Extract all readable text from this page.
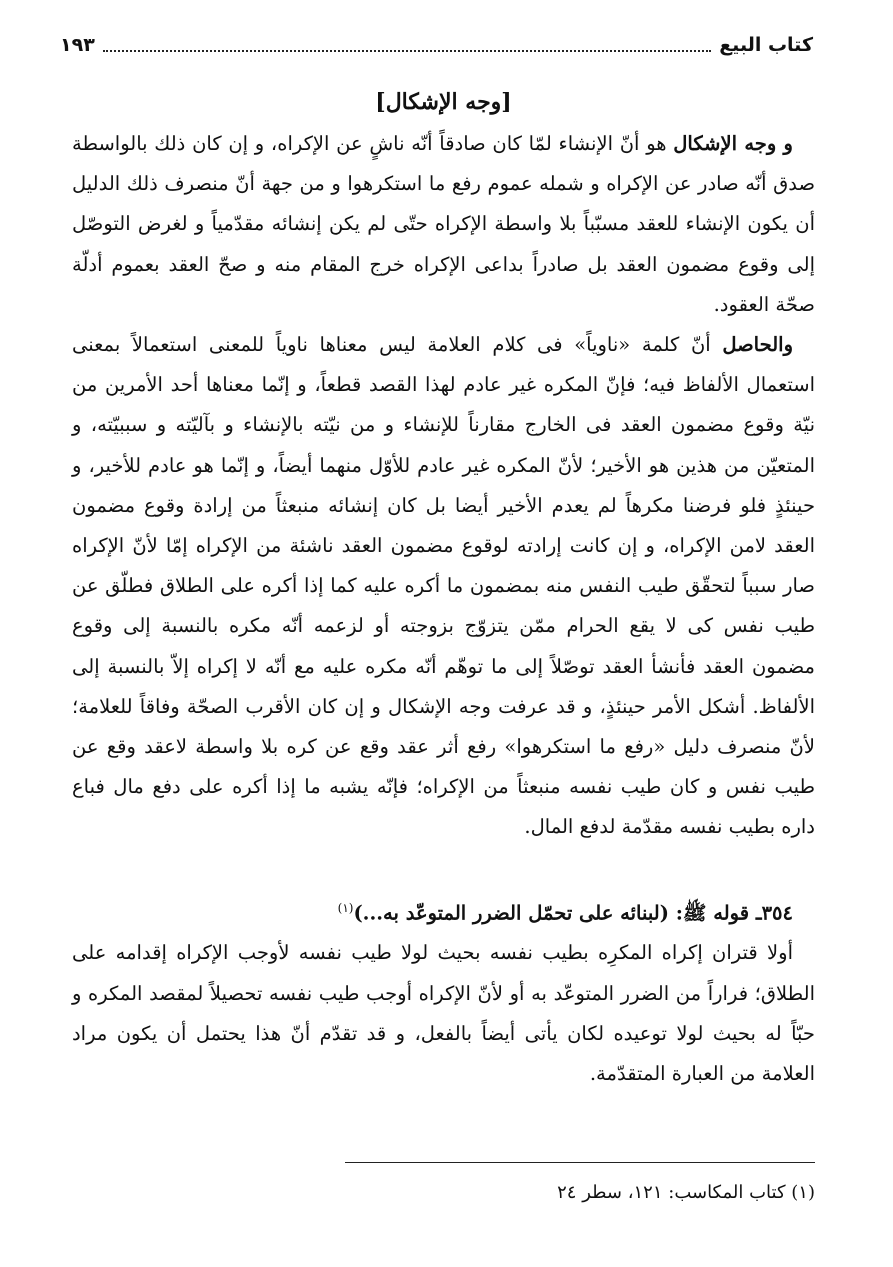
١٩٣	كتاب البيع
[وجه الإشكال]

و وجه الإشكال هو أنّ الإنشاء لمّا كان صادقاً أنّه ناشٍ عن الإكراه، و إن كان ذلك بالواسطة صدق أنّه صادر عن الإكراه و شمله عموم رفع ما استكرهوا و من جهة أنّ منصرف ذلك الدليل أن يكون الإنشاء للعقد مسبّباً بلا واسطة الإكراه حتّى لم يكن إنشائه مقدّمياً و لغرض التوصّل إلى وقوع مضمون العقد بل صادراً بداعى الإكراه خرج المقام منه و صحّ العقد بعموم أدلّة صحّة العقود.

والحاصل أنّ كلمة «ناوياً» فى كلام العلامة ليس معناها ناوياً للمعنى استعمالاً بمعنى استعمال الألفاظ فيه؛ فإنّ المكره غير عادم لهذا القصد قطعاً، و إنّما معناها أحد الأمرين من نيّة وقوع مضمون العقد فى الخارج مقارناً للإنشاء و من نيّته بالإنشاء و بآليّته و سببيّته، و المتعيّن من هذين هو الأخير؛ لأنّ المكره غير عادم للأوّل منهما أيضاً، و إنّما هو عادم للأخير، و حينئذٍ فلو فرضنا مكرهاً لم يعدم الأخير أيضا بل كان إنشائه منبعثاً من إرادة وقوع مضمون العقد لامن الإكراه، و إن كانت إرادته لوقوع مضمون العقد ناشئة من الإكراه إمّا لأنّ الإكراه صار سبباً لتحقّق طيب النفس منه بمضمون ما أكره عليه كما إذا أكره على الطلاق فطلّق عن طيب نفس كى لا يقع الحرام ممّن يتزوّج بزوجته أو لزعمه أنّه مكره بالنسبة إلى وقوع مضمون العقد فأنشأ العقد توصّلاً إلى ما توهّم أنّه مكره عليه مع أنّه لا إكراه إلاّ بالنسبة إلى الألفاظ. أشكل الأمر حينئذٍ، و قد عرفت وجه الإشكال و إن كان الأقرب الصحّة وفاقاً للعلامة؛ لأنّ منصرف دليل «رفع ما استكرهوا» رفع أثر عقد وقع عن كره بلا واسطة لاعقد وقع عن طيب نفس و كان طيب نفسه منبعثاً من الإكراه؛ فإنّه يشبه ما إذا أكره على دفع مال فباع داره بطيب نفسه مقدّمة لدفع المال.

٣٥٤ـ قوله ﷺ: (لبنائه على تحمّل الضرر المتوعّد به...)$^{(١)}$

أولا قتران إكراه المكرِه بطيب نفسه بحيث لولا طيب نفسه لأوجب الإكراه إقدامه على الطلاق؛ فراراً من الضرر المتوعّد به أو لأنّ الإكراه أوجب طيب نفسه تحصيلاً لمقصد المكره و حبّاً له بحيث لولا توعيده لكان يأتى أيضاً بالفعل، و قد تقدّم أنّ هذا يحتمل أن يكون مراد العلامة من العبارة المتقدّمة.

(١) كتاب المكاسب: ١٢١، سطر ٢٤
